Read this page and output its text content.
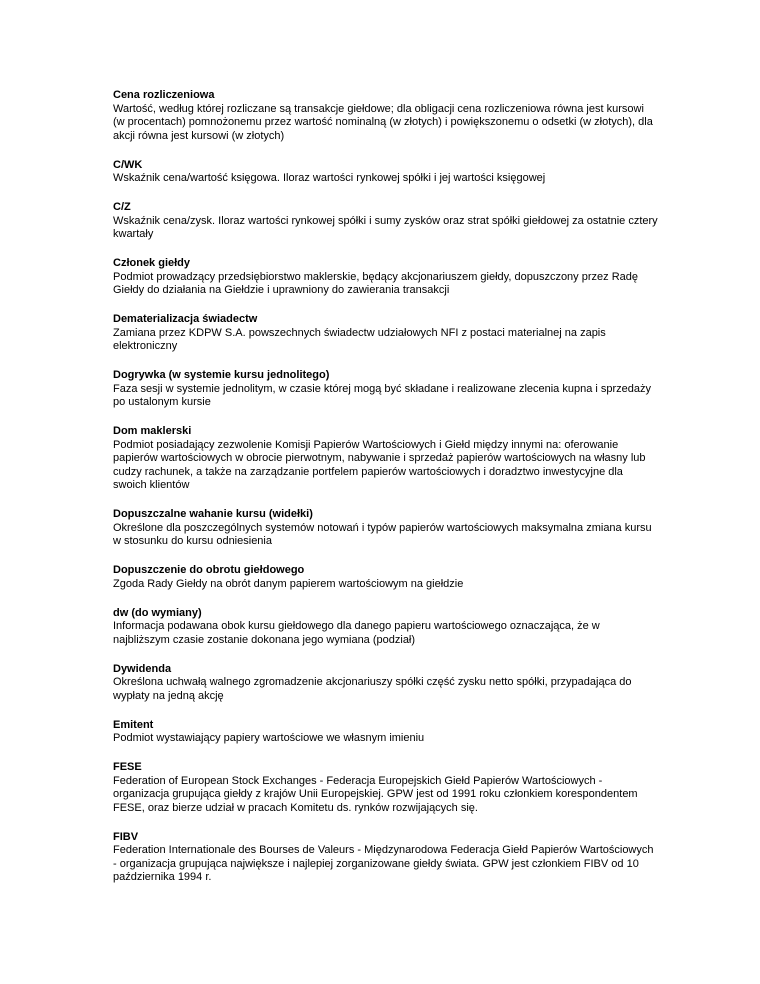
Cena rozliczeniowa

Wartość, według której rozliczane są transakcje giełdowe; dla obligacji cena rozliczeniowa równa jest kursowi (w procentach) pomnożonemu przez wartość nominalną (w złotych) i powiększonemu o odsetki (w złotych), dla akcji równa jest kursowi (w złotych)

C/WK

Wskaźnik cena/wartość księgowa. Iloraz wartości rynkowej spółki i jej wartości księgowej

C/Z

Wskaźnik cena/zysk. Iloraz wartości rynkowej spółki i sumy zysków oraz strat spółki giełdowej za ostatnie cztery kwartały

Członek giełdy

Podmiot prowadzący przedsiębiorstwo maklerskie, będący akcjonariuszem giełdy, dopuszczony przez Radę Giełdy do działania na Giełdzie i uprawniony do zawierania transakcji

Dematerializacja świadectw

Zamiana przez KDPW S.A. powszechnych świadectw udziałowych NFI z postaci materialnej na zapis elektroniczny

Dogrywka (w systemie kursu jednolitego)

Faza sesji w systemie jednolitym, w czasie której mogą być składane i realizowane zlecenia kupna i sprzedaży po ustalonym kursie

Dom maklerski

Podmiot posiadający zezwolenie Komisji Papierów Wartościowych i Giełd między innymi na: oferowanie papierów wartościowych w obrocie pierwotnym, nabywanie i sprzedaż papierów wartościowych na własny lub cudzy rachunek, a także na zarządzanie portfelem papierów wartościowych i doradztwo inwestycyjne dla swoich klientów

Dopuszczalne wahanie kursu (widełki)

Określone dla poszczególnych systemów notowań i typów papierów wartościowych maksymalna zmiana kursu w stosunku do kursu odniesienia

Dopuszczenie do obrotu giełdowego

Zgoda Rady Giełdy na obrót danym papierem wartościowym na giełdzie

dw (do wymiany)

Informacja podawana obok kursu giełdowego dla danego papieru wartościowego oznaczająca, że w najbliższym czasie zostanie dokonana jego wymiana (podział)

Dywidenda

Określona uchwałą walnego zgromadzenie akcjonariuszy spółki część zysku netto spółki, przypadająca do wypłaty na jedną akcję

Emitent

Podmiot wystawiający papiery wartościowe we własnym imieniu

FESE

Federation of European Stock Exchanges - Federacja Europejskich Giełd Papierów Wartościowych - organizacja grupująca giełdy z krajów Unii Europejskiej. GPW jest od 1991 roku członkiem korespondentem FESE, oraz bierze udział w pracach Komitetu ds. rynków rozwijających się.

FIBV

Federation Internationale des Bourses de Valeurs - Międzynarodowa Federacja Giełd Papierów Wartościowych - organizacja grupująca największe i najlepiej zorganizowane giełdy świata. GPW jest członkiem FIBV od 10 października 1994 r.
